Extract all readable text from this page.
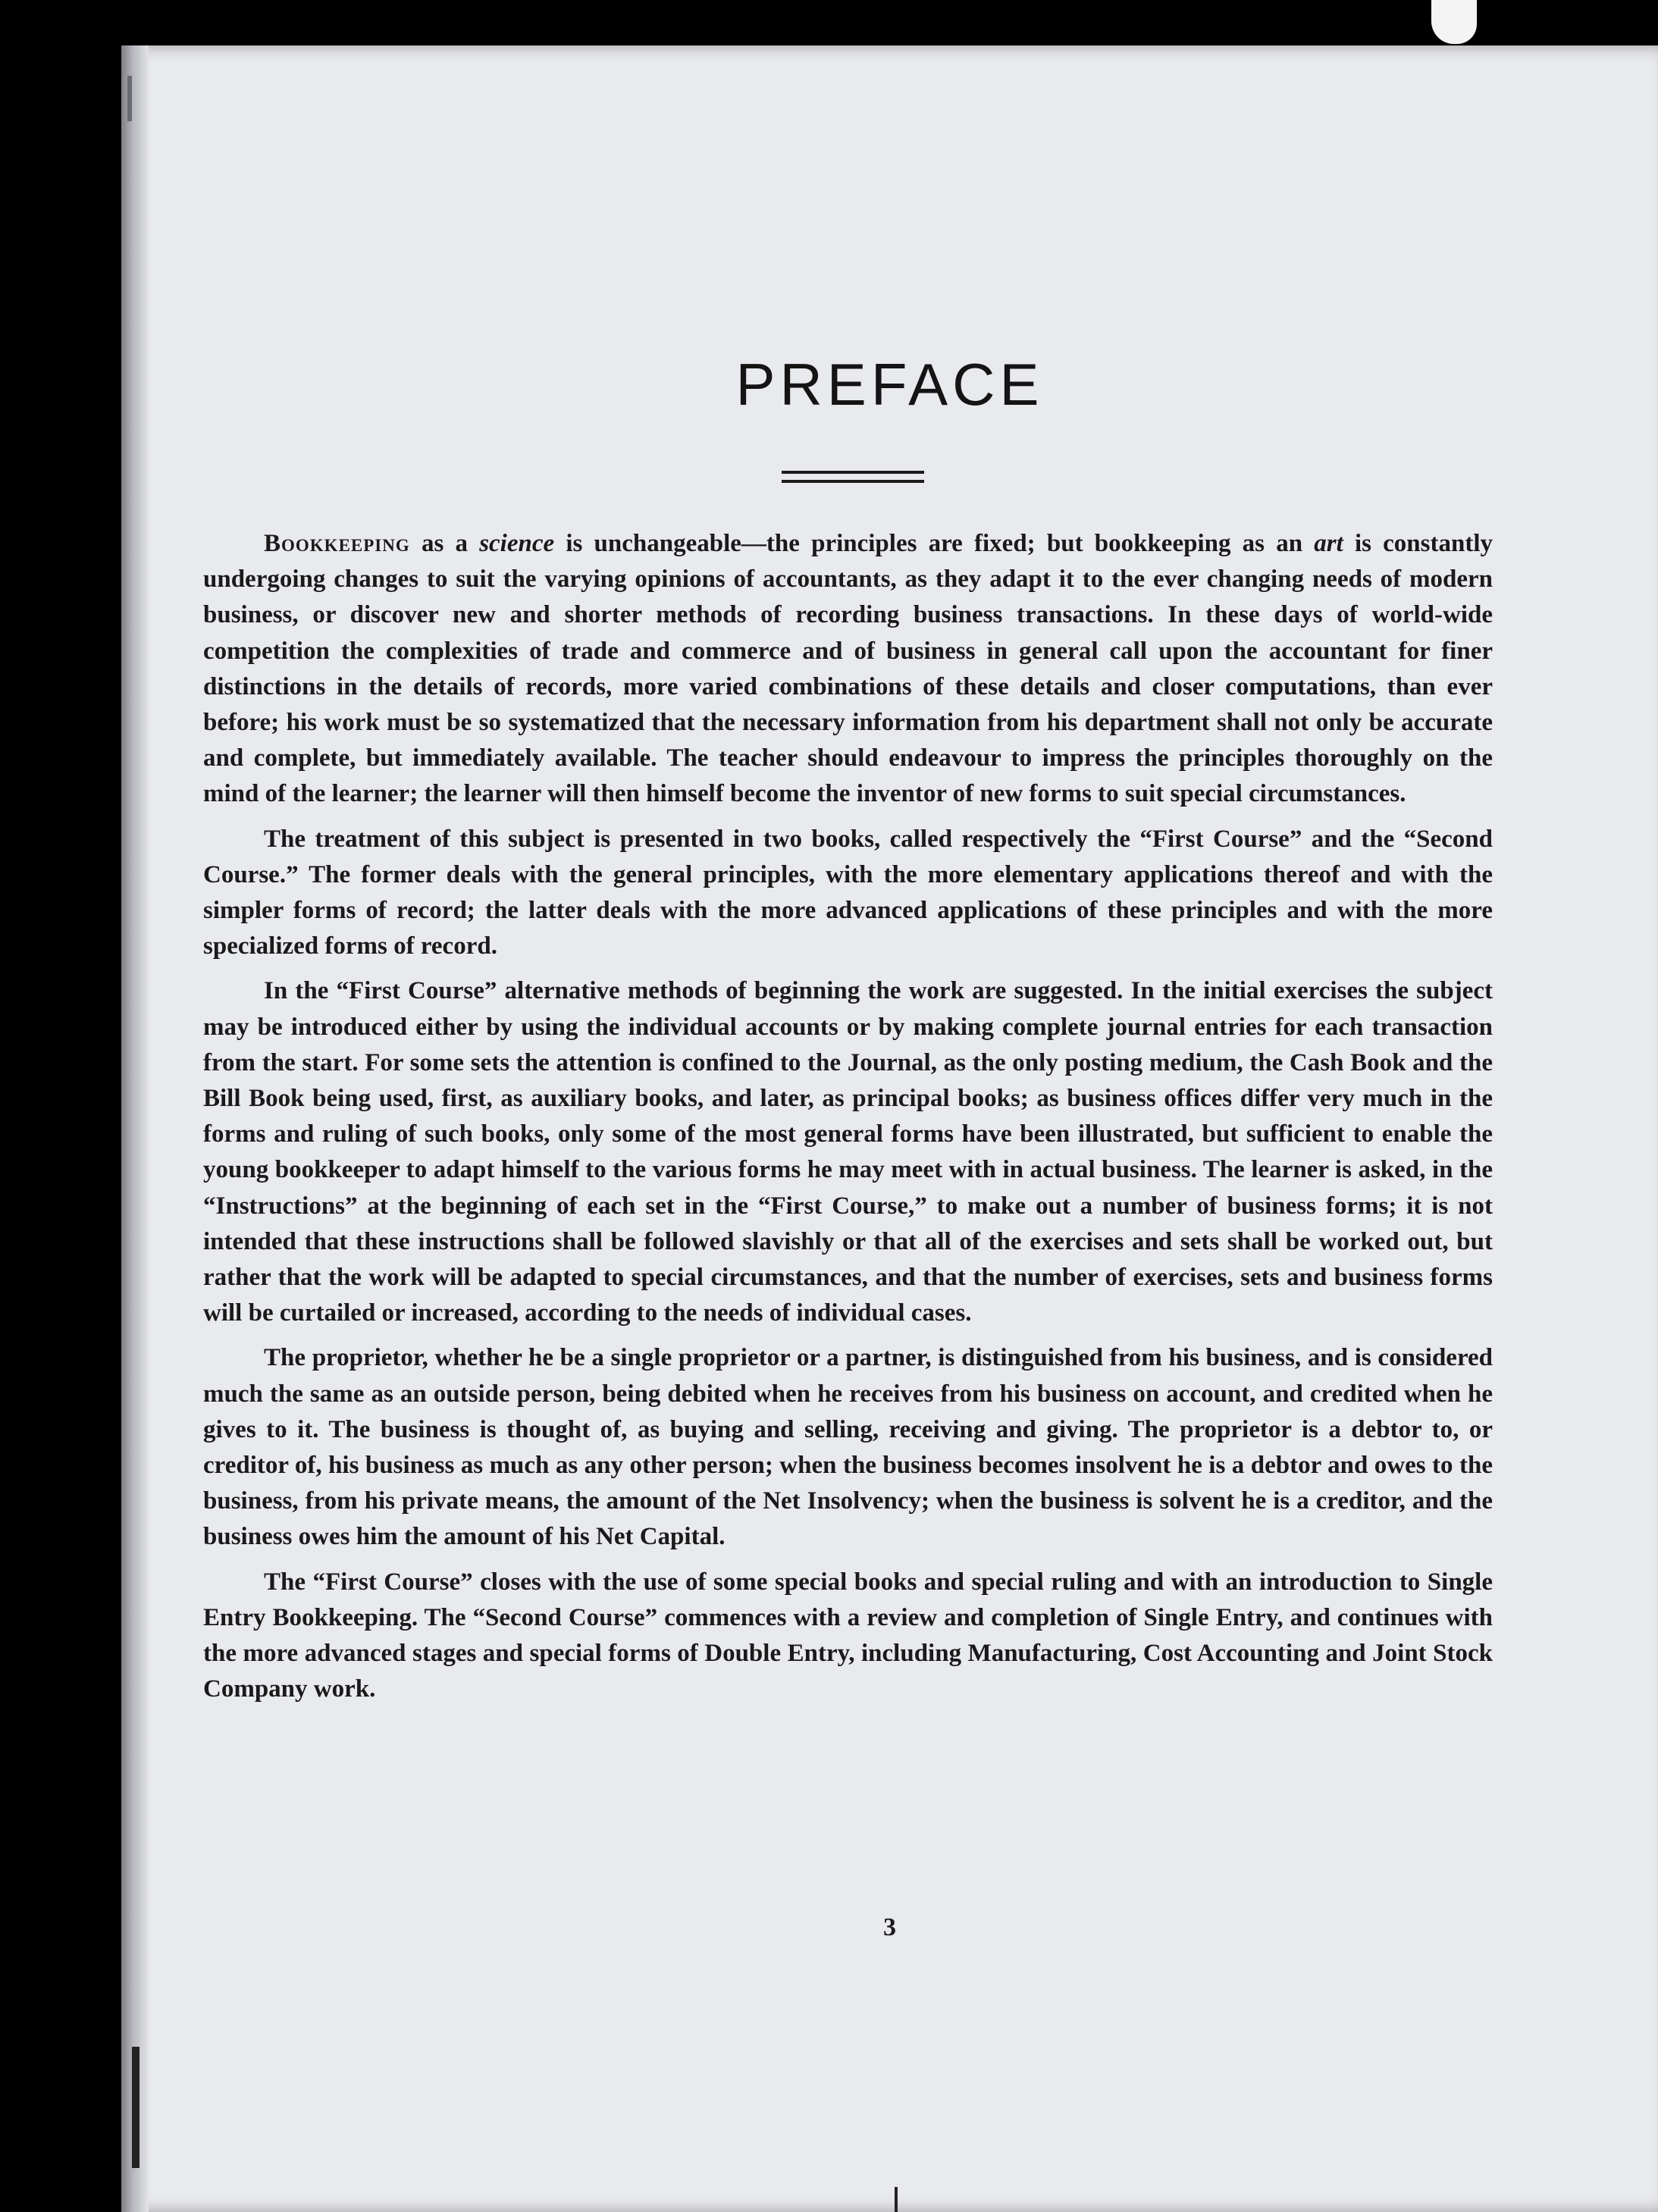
PREFACE

Bookkeeping as a science is unchangeable—the principles are fixed; but bookkeeping as an art is constantly undergoing changes to suit the varying opinions of accountants, as they adapt it to the ever changing needs of modern business, or discover new and shorter methods of recording business transactions. In these days of world-wide competition the complexities of trade and commerce and of business in general call upon the accountant for finer distinctions in the details of records, more varied combinations of these details and closer computations, than ever before; his work must be so systematized that the necessary information from his department shall not only be accurate and complete, but immediately available. The teacher should endeavour to impress the principles thoroughly on the mind of the learner; the learner will then himself become the inventor of new forms to suit special circumstances.

The treatment of this subject is presented in two books, called respectively the “First Course” and the “Second Course.” The former deals with the general principles, with the more elementary applications thereof and with the simpler forms of record; the latter deals with the more advanced applications of these principles and with the more specialized forms of record.

In the “First Course” alternative methods of beginning the work are suggested. In the initial exercises the subject may be introduced either by using the individual accounts or by making complete journal entries for each transaction from the start. For some sets the attention is confined to the Journal, as the only posting medium, the Cash Book and the Bill Book being used, first, as auxiliary books, and later, as principal books; as business offices differ very much in the forms and ruling of such books, only some of the most general forms have been illustrated, but sufficient to enable the young bookkeeper to adapt himself to the various forms he may meet with in actual business. The learner is asked, in the “Instructions” at the beginning of each set in the “First Course,” to make out a number of business forms; it is not intended that these instructions shall be followed slavishly or that all of the exercises and sets shall be worked out, but rather that the work will be adapted to special circumstances, and that the number of exercises, sets and business forms will be curtailed or increased, according to the needs of individual cases.

The proprietor, whether he be a single proprietor or a partner, is distinguished from his business, and is considered much the same as an outside person, being debited when he receives from his business on account, and credited when he gives to it. The business is thought of, as buying and selling, receiving and giving. The proprietor is a debtor to, or creditor of, his business as much as any other person; when the business becomes insolvent he is a debtor and owes to the business, from his private means, the amount of the Net Insolvency; when the business is solvent he is a creditor, and the business owes him the amount of his Net Capital.

The “First Course” closes with the use of some special books and special ruling and with an introduction to Single Entry Bookkeeping. The “Second Course” commences with a review and completion of Single Entry, and continues with the more advanced stages and special forms of Double Entry, including Manufacturing, Cost Accounting and Joint Stock Company work.

3
